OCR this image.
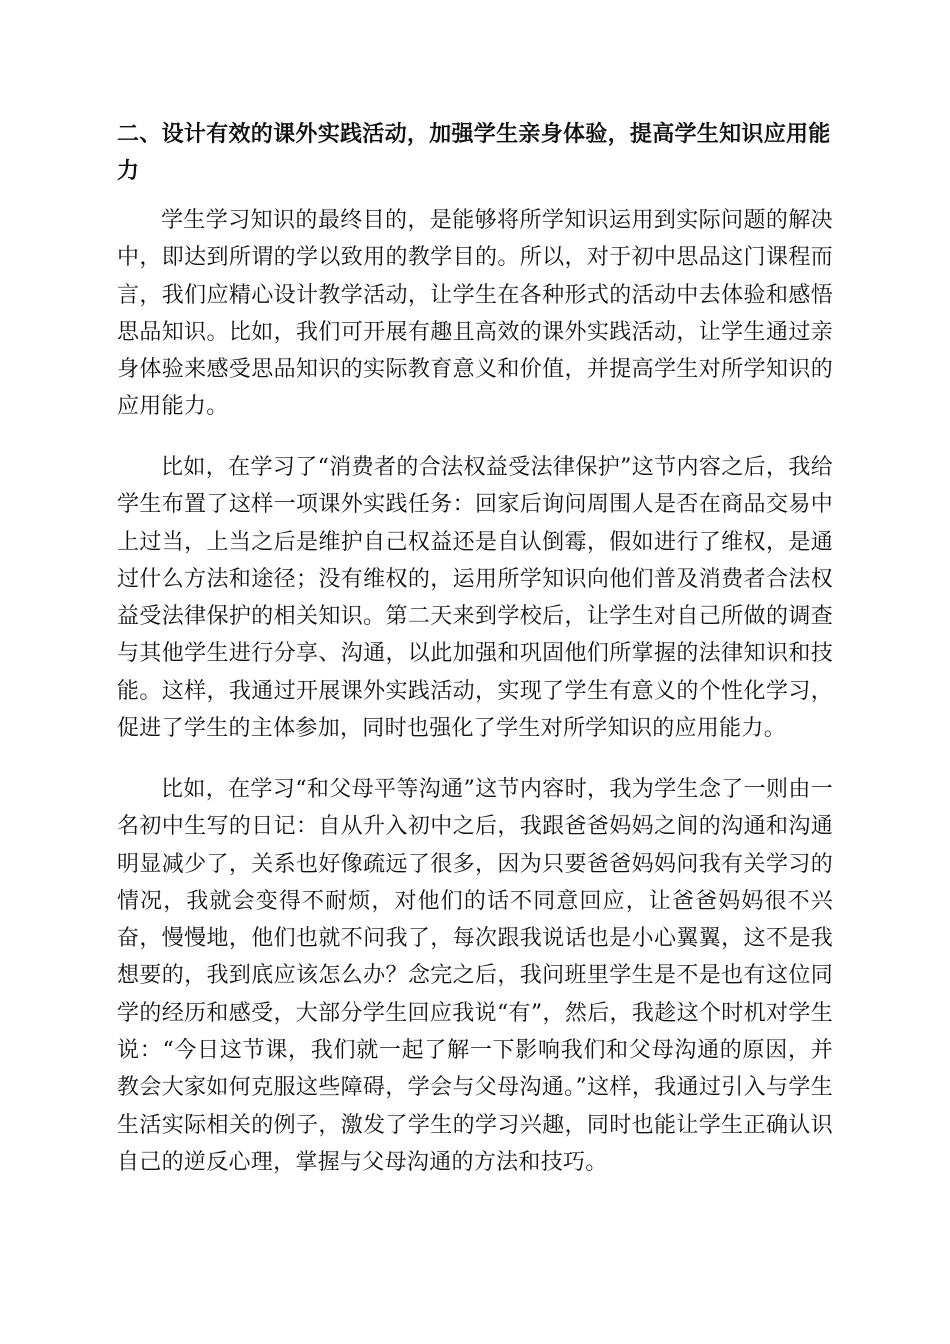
二、设计有效的课外实践活动，加强学生亲身体验，提高学生知识应用能力

学生学习知识的最终目的，是能够将所学知识运用到实际问题的解决中，即达到所谓的学以致用的教学目的。所以，对于初中思品这门课程而言，我们应精心设计教学活动，让学生在各种形式的活动中去体验和感悟思品知识。比如，我们可开展有趣且高效的课外实践活动，让学生通过亲身体验来感受思品知识的实际教育意义和价值，并提高学生对所学知识的应用能力。

比如，在学习了“消费者的合法权益受法律保护”这节内容之后，我给学生布置了这样一项课外实践任务：回家后询问周围人是否在商品交易中上过当，上当之后是维护自己权益还是自认倒霉，假如进行了维权，是通过什么方法和途径；没有维权的，运用所学知识向他们普及消费者合法权益受法律保护的相关知识。第二天来到学校后，让学生对自己所做的调查与其他学生进行分享、沟通，以此加强和巩固他们所掌握的法律知识和技能。这样，我通过开展课外实践活动，实现了学生有意义的个性化学习，促进了学生的主体参加，同时也强化了学生对所学知识的应用能力。

比如，在学习“和父母平等沟通”这节内容时，我为学生念了一则由一名初中生写的日记：自从升入初中之后，我跟爸爸妈妈之间的沟通和沟通明显减少了，关系也好像疏远了很多，因为只要爸爸妈妈问我有关学习的情况，我就会变得不耐烦，对他们的话不同意回应，让爸爸妈妈很不兴奋，慢慢地，他们也就不问我了，每次跟我说话也是小心翼翼，这不是我想要的，我到底应该怎么办？念完之后，我问班里学生是不是也有这位同学的经历和感受，大部分学生回应我说“有”，然后，我趁这个时机对学生说：“今日这节课，我们就一起了解一下影响我们和父母沟通的原因，并教会大家如何克服这些障碍，学会与父母沟通。”这样，我通过引入与学生生活实际相关的例子，激发了学生的学习兴趣，同时也能让学生正确认识自己的逆反心理，掌握与父母沟通的方法和技巧。
